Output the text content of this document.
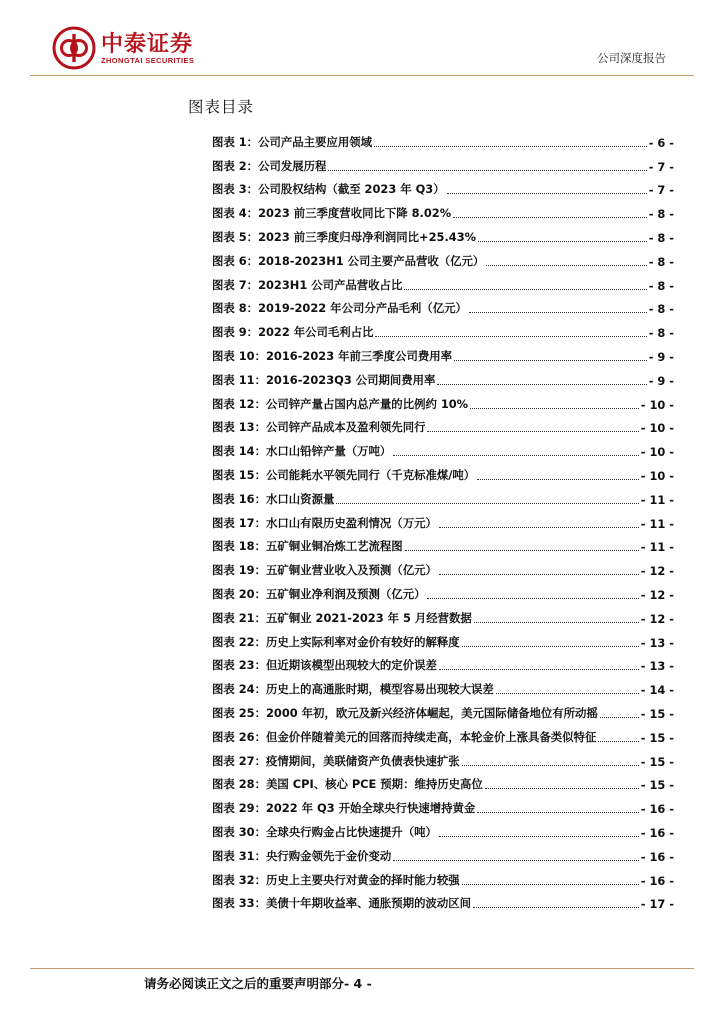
中泰证券
ZHONGTAI SECURITIES	公司深度报告
图表目录
图表 1： 公司产品主要应用领域	- 6 -
图表 2： 公司发展历程	- 7 -
图表 3： 公司股权结构（截至 2023 年 Q3）	- 7 -
图表 4： 2023 前三季度营收同比下降 8.02%	- 8 -
图表 5： 2023 前三季度归母净利润同比+25.43%	- 8 -
图表 6： 2018-2023H1 公司主要产品营收（亿元）	- 8 -
图表 7： 2023H1 公司产品营收占比	- 8 -
图表 8： 2019-2022 年公司分产品毛利（亿元）	- 8 -
图表 9： 2022 年公司毛利占比	- 8 -
图表 10： 2016-2023 年前三季度公司费用率	- 9 -
图表 11： 2016-2023Q3 公司期间费用率	- 9 -
图表 12： 公司锌产量占国内总产量的比例约 10%	- 10 -
图表 13： 公司锌产品成本及盈利领先同行	- 10 -
图表 14： 水口山铅锌产量（万吨）	- 10 -
图表 15： 公司能耗水平领先同行（千克标准煤/吨）	- 10 -
图表 16： 水口山资源量	- 11 -
图表 17： 水口山有限历史盈利情况（万元）	- 11 -
图表 18： 五矿铜业铜冶炼工艺流程图	- 11 -
图表 19： 五矿铜业营业收入及预测（亿元）	- 12 -
图表 20： 五矿铜业净利润及预测（亿元）	- 12 -
图表 21： 五矿铜业 2021-2023 年 5 月经营数据	- 12 -
图表 22： 历史上实际利率对金价有较好的解释度	- 13 -
图表 23： 但近期该模型出现较大的定价误差	- 13 -
图表 24： 历史上的高通胀时期，模型容易出现较大误差	- 14 -
图表 25： 2000 年初，欧元及新兴经济体崛起，美元国际储备地位有所动摇	- 15 -
图表 26： 但金价伴随着美元的回落而持续走高，本轮金价上涨具备类似特征	- 15 -
图表 27： 疫情期间，美联储资产负债表快速扩张	- 15 -
图表 28： 美国 CPI、核心 PCE 预期：维持历史高位	- 15 -
图表 29： 2022 年 Q3 开始全球央行快速增持黄金	- 16 -
图表 30： 全球央行购金占比快速提升（吨）	- 16 -
图表 31： 央行购金领先于金价变动	- 16 -
图表 32： 历史上主要央行对黄金的择时能力较强	- 16 -
图表 33： 美债十年期收益率、通胀预期的波动区间	- 17 -
请务必阅读正文之后的重要声明部分- 4 -
